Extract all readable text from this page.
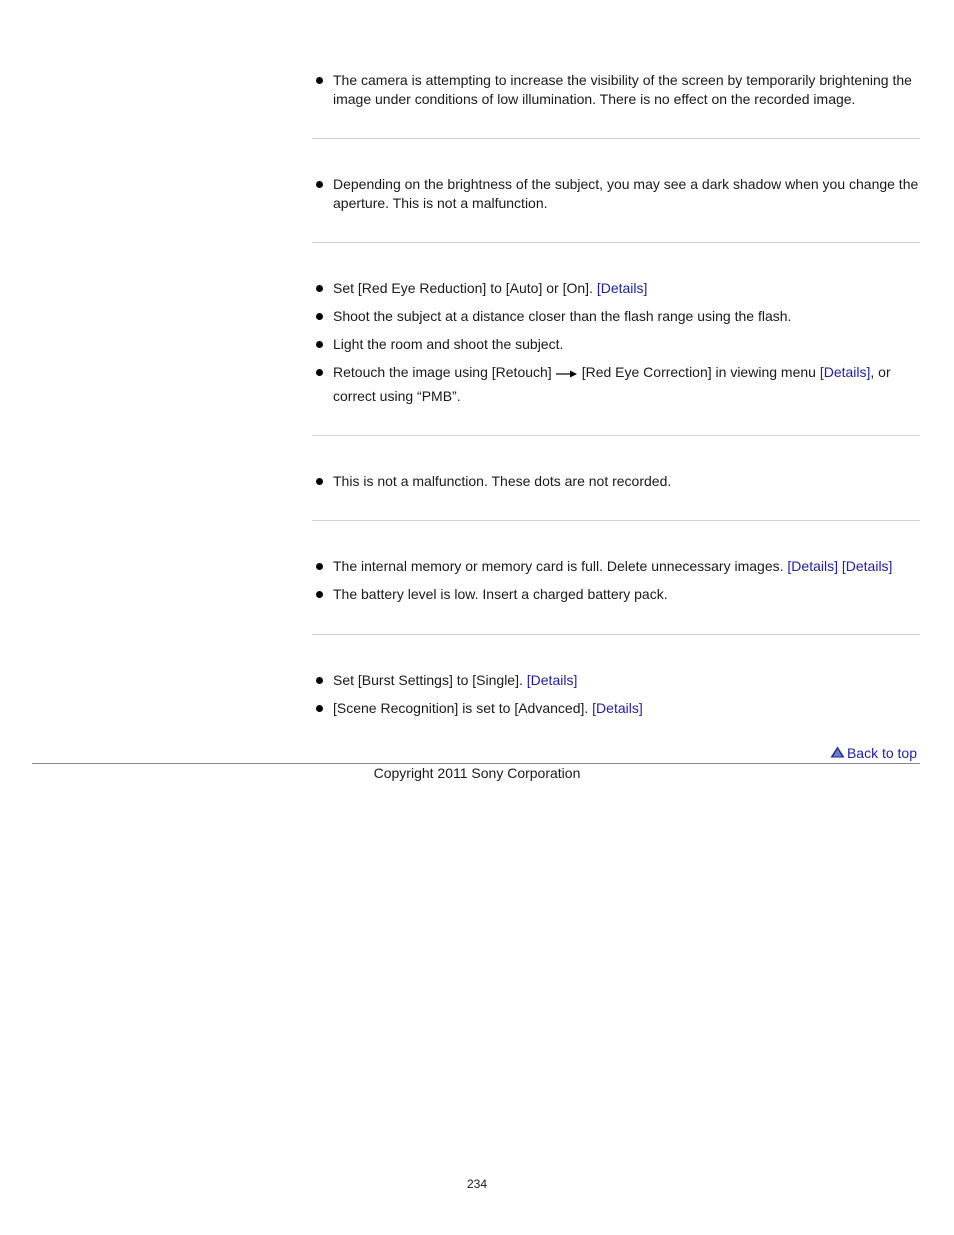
The camera is attempting to increase the visibility of the screen by temporarily brightening the image under conditions of low illumination. There is no effect on the recorded image.

Depending on the brightness of the subject, you may see a dark shadow when you change the aperture. This is not a malfunction.

Set [Red Eye Reduction] to [Auto] or [On]. [Details]

Shoot the subject at a distance closer than the flash range using the flash.

Light the room and shoot the subject.

Retouch the image using [Retouch] [Red Eye Correction] in viewing menu [Details], or correct using “PMB”.

This is not a malfunction. These dots are not recorded.

The internal memory or memory card is full. Delete unnecessary images. [Details] [Details]

The battery level is low. Insert a charged battery pack.

Set [Burst Settings] to [Single]. [Details]

[Scene Recognition] is set to [Advanced]. [Details]

Back to top
Copyright 2011 Sony Corporation
234
